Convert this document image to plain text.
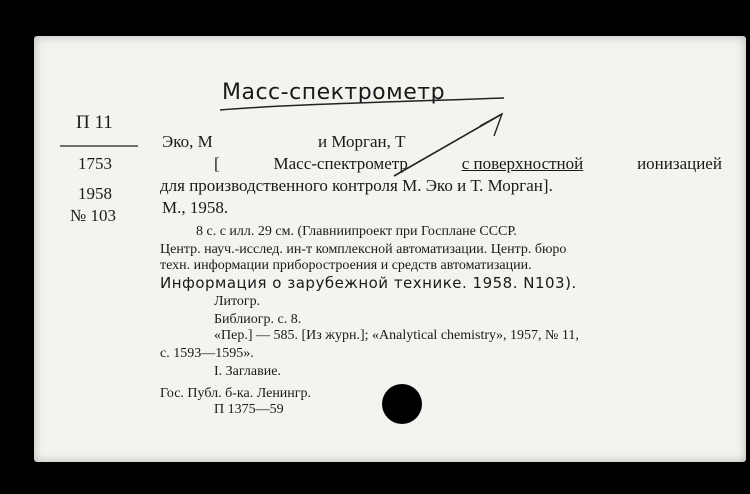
Масс-спектрометр
П 11
1753
1958
№ 103
Эко, М	и Морган, Т
[	Масс-спектрометр	с поверхностной	ионизацией
для производственного контроля М. Эко и Т. Морган].
М., 1958.
8 с. с илл. 29 см. (Главниипроект при Госплане СССР.
Центр. науч.-исслед. ин-т комплексной автоматизации. Центр. бюро
техн. информации приборостроения и средств автоматизации.
Информация о зарубежной технике. 1958. N103).
Литогр.
Библиогр. с. 8.
«Пер.] — 585. [Из журн.]; «Analytical chemistry», 1957, № 11,
с. 1593—1595».
I. Заглавие.
Гос. Публ. б-ка. Ленингр.
П 1375—59
